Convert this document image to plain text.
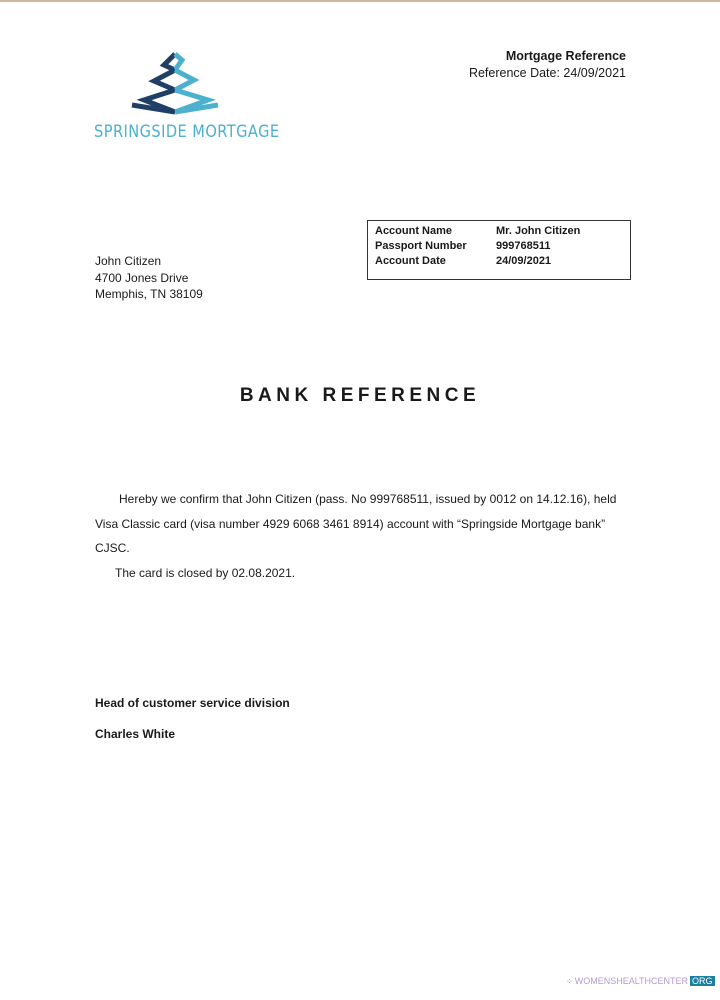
SPRINGSIDE MORTGAGE
Mortgage Reference
Reference Date: 24/09/2021
Account Name	Mr. John Citizen
Passport Number	999768511
Account Date	24/09/2021
John Citizen
4700 Jones Drive
Memphis, TN 38109
BANK REFERENCE

Hereby we confirm that John Citizen (pass. No 999768511, issued by 0012 on 14.12.16), held

Visa Classic card (visa number 4929 6068 3461 8914) account with “Springside Mortgage bank”

CJSC.

The card is closed by 02.08.2021.

Head of customer service division
Charles White
⁘ WOMENSHEALTHCENTER ORG
